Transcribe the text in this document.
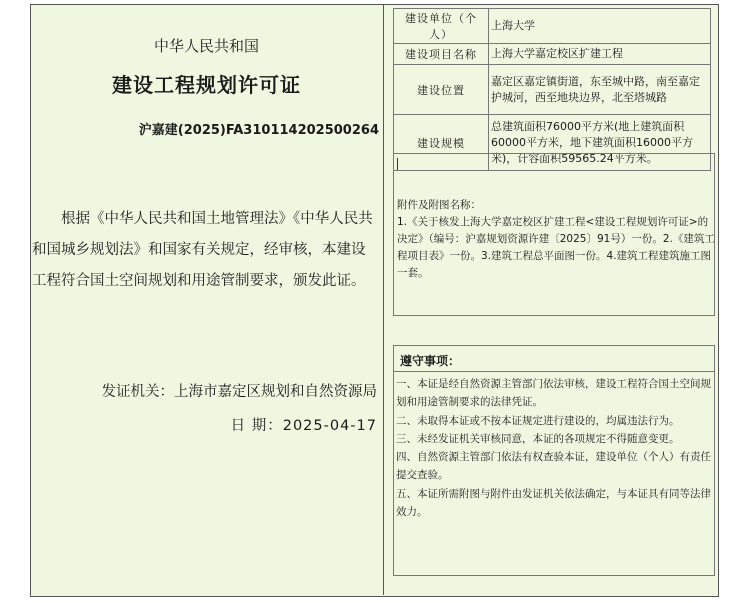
中华人民共和国
建设工程规划许可证
沪嘉建(2025)FA310114202500264
根据《中华人民共和国土地管理法》《中华人民共和国城乡规划法》和国家有关规定，经审核，本建设工程符合国土空间规划和用途管制要求，颁发此证。
发证机关：上海市嘉定区规划和自然资源局
日 期：2025-04-17
建设单位（个人）	上海大学
建设项目名称	上海大学嘉定校区扩建工程
建设位置	嘉定区嘉定镇街道，东至城中路，南至嘉定护城河，西至地块边界，北至塔城路
建设规模	总建筑面积76000平方米(地上建筑面积60000平方米，地下建筑面积16000平方米)，计容面积59565.24平方米。
附件及附图名称：
1.《关于核发上海大学嘉定校区扩建工程<建设工程规划许可证>的决定》（编号：沪嘉规划资源许建〔2025〕91号）一份。2.《建筑工程项目表》一份。3.建筑工程总平面图一份。4.建筑工程建筑施工图一套。
遵守事项：

一、本证是经自然资源主管部门依法审核，建设工程符合国土空间规划和用途管制要求的法律凭证。

二、未取得本证或不按本证规定进行建设的，均属违法行为。

三、未经发证机关审核同意，本证的各项规定不得随意变更。

四、自然资源主管部门依法有权查验本证，建设单位（个人）有责任提交查验。

五、本证所需附图与附件由发证机关依法确定，与本证具有同等法律效力。
